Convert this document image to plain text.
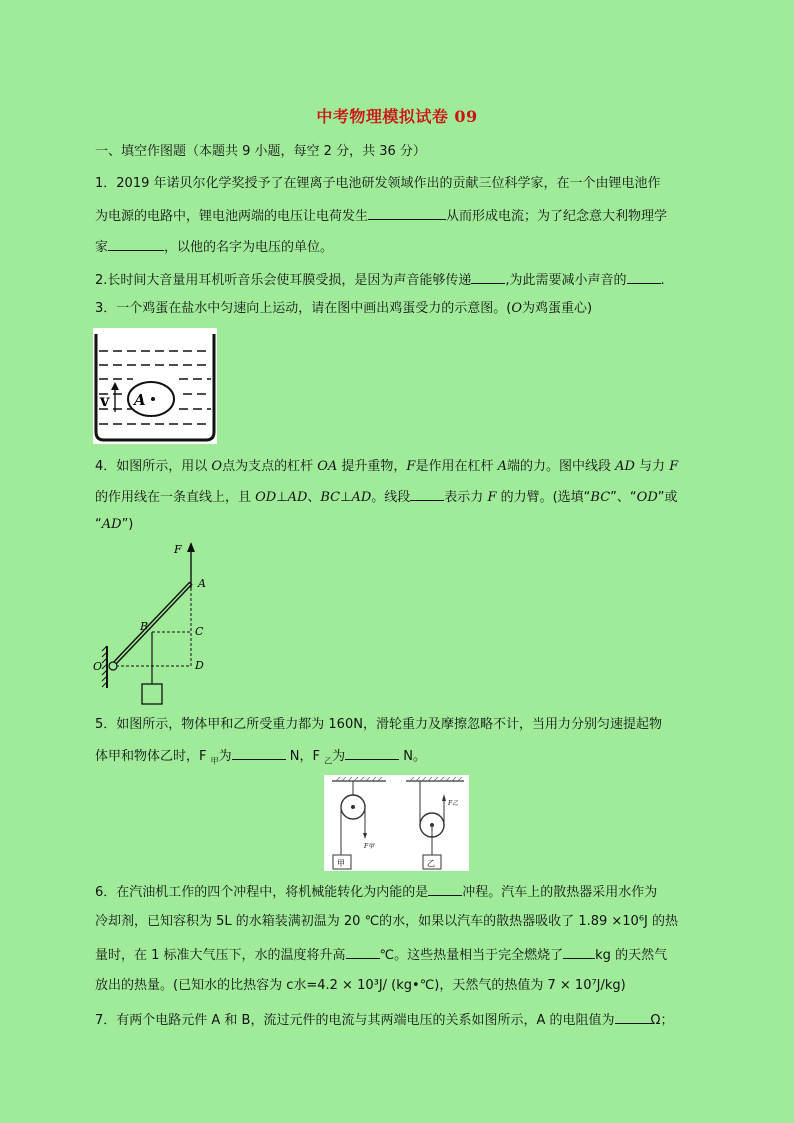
中考物理模拟试卷 09
一、填空作图题（本题共 9 小题，每空 2 分，共 36 分）
1．2019 年诺贝尔化学奖授予了在锂离子电池研发领域作出的贡献三位科学家，在一个由锂电池作
为电源的电路中，锂电池两端的电压让电荷发生	从而形成电流；为了纪念意大利物理学
家	，以他的名字为电压的单位。
2.长时间大音量用耳机听音乐会使耳膜受损，是因为声音能够传递	,为此需要减小声音的	.
3．一个鸡蛋在盐水中匀速向上运动，请在图中画出鸡蛋受力的示意图。(O为鸡蛋重心)
A
v
4．如图所示，用以 O点为支点的杠杆 OA 提升重物，F是作用在杠杆 A端的力。图中线段 AD 与力 F
的作用线在一条直线上，且 OD⊥AD、BC⊥AD。线段	表示力 F 的力臂。(选填“BC”、“OD”或
“AD”)
F
A
B	C
D
O
5．如图所示，物体甲和乙所受重力都为 160N，滑轮重力及摩擦忽略不计，当用力分别匀速提起物
体甲和物体乙时，F $_甲$为	N，F $_乙$为	N。
F甲
甲
F乙
乙
6．在汽油机工作的四个冲程中，将机械能转化为内能的是	冲程。汽车上的散热器采用水作为
冷却剂，已知容积为 5L 的水箱装满初温为 20 ℃的水，如果以汽车的散热器吸收了 1.89 ×10⁶J 的热
量时，在 1 标准大气压下，水的温度将升高	℃。这些热量相当于完全燃烧了 kg 的天然气
放出的热量。(已知水的比热容为 c水=4.2 × 10³J/ (kg•℃)，天然气的热值为 7 × 10⁷J/kg)
7．有两个电路元件 A 和 B，流过元件的电流与其两端电压的关系如图所示，A 的电阻值为	Ω；
